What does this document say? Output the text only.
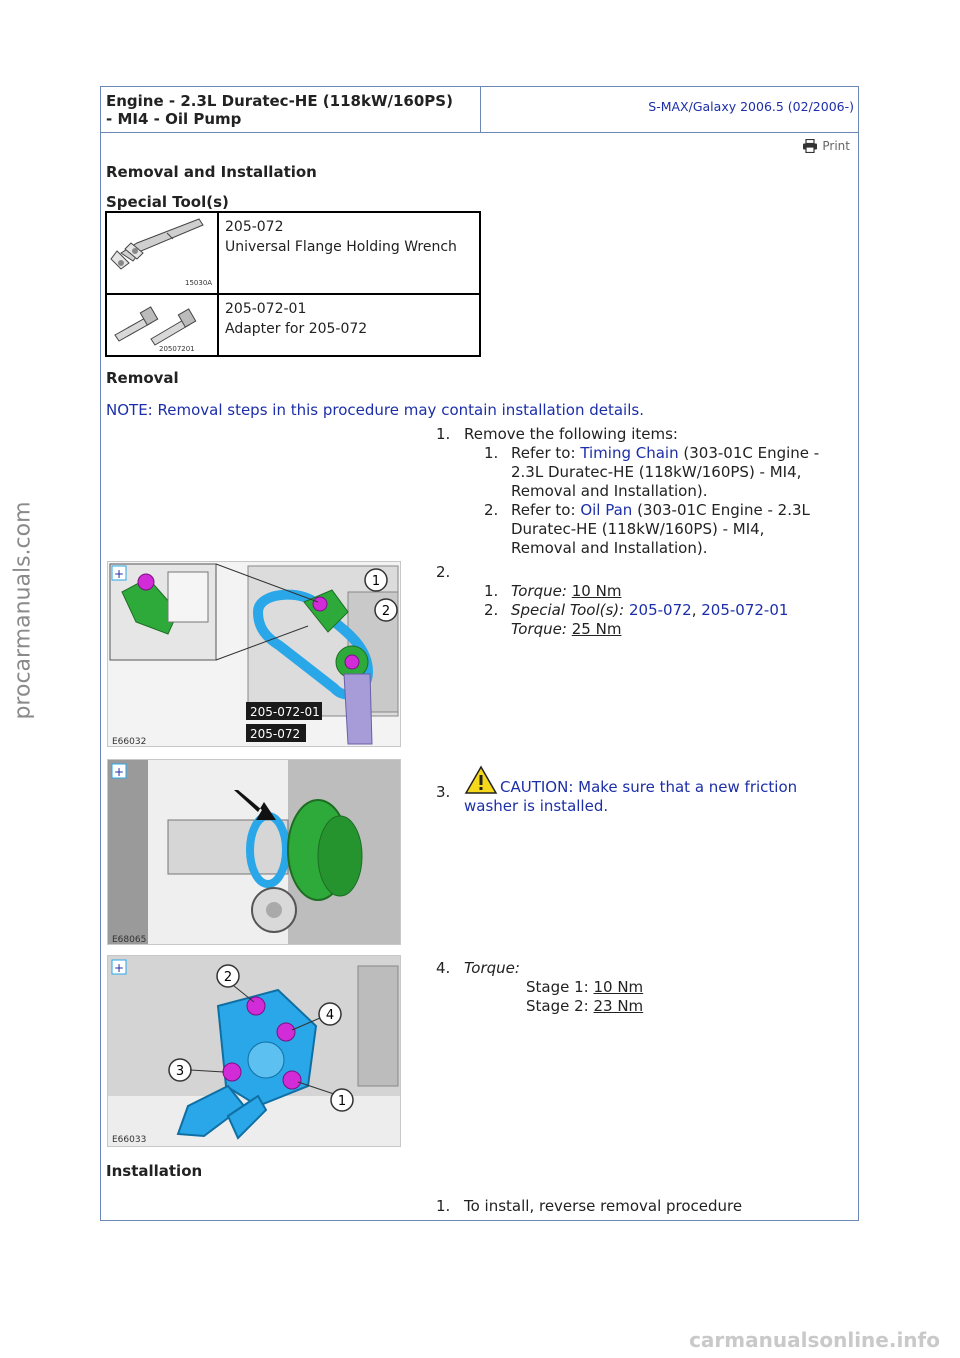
procarmanuals.com
carmanualsonline.info
Engine - 2.3L Duratec-HE (118kW/160PS)
- MI4 - Oil Pump
S-MAX/Galaxy 2006.5 (02/2006-)
Print
Removal and Installation
Special Tool(s)
15030A
205-072
Universal Flange Holding Wrench
20507201
205-072-01
Adapter for 205-072
Removal
NOTE: Removal steps in this procedure may contain installation details.
1. Remove the following items:
1. Refer to: Timing Chain (303-01C Engine -
2.3L Duratec-HE (118kW/160PS) - MI4,
Removal and Installation).
2. Refer to: Oil Pan (303-01C Engine - 2.3L
Duratec-HE (118kW/160PS) - MI4,
Removal and Installation).
1
2
205-072-01
205-072
+
E66032
2.
1. Torque: 10 Nm
2. Special Tool(s): 205-072, 205-072-01
Torque: 25 Nm
+
E68065
3.	CAUTION: Make sure that a new friction
washer is installed.
2
4
3
1
+
E66033
4. Torque:
Stage 1: 10 Nm
Stage 2: 23 Nm
Installation
1. To install, reverse removal procedure
